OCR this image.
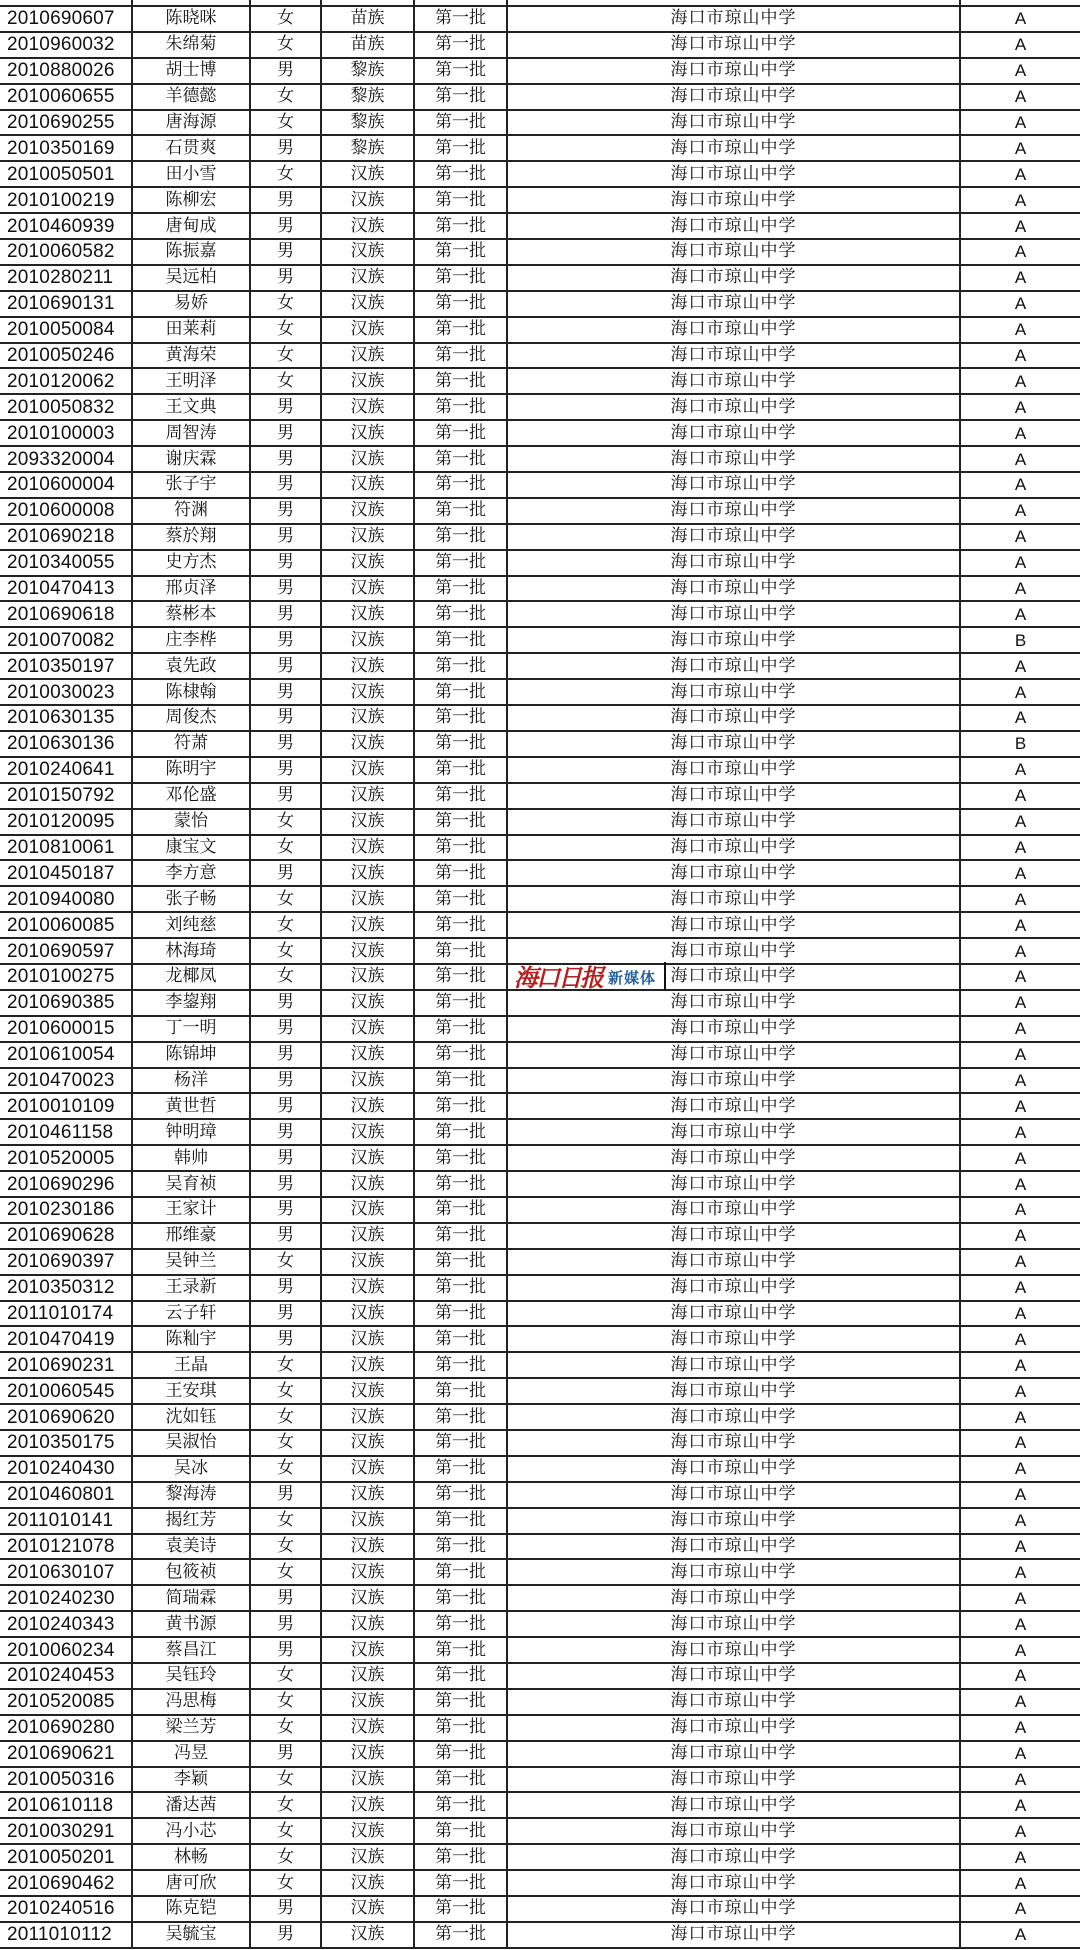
2010690607	陈晓咪	女	苗族	第一批	海口市琼山中学	A
2010960032	朱绵菊	女	苗族	第一批	海口市琼山中学	A
2010880026	胡士博	男	黎族	第一批	海口市琼山中学	A
2010060655	羊德懿	女	黎族	第一批	海口市琼山中学	A
2010690255	唐海源	女	黎族	第一批	海口市琼山中学	A
2010350169	石贯爽	男	黎族	第一批	海口市琼山中学	A
2010050501	田小雪	女	汉族	第一批	海口市琼山中学	A
2010100219	陈柳宏	男	汉族	第一批	海口市琼山中学	A
2010460939	唐甸成	男	汉族	第一批	海口市琼山中学	A
2010060582	陈振嘉	男	汉族	第一批	海口市琼山中学	A
2010280211	吴远柏	男	汉族	第一批	海口市琼山中学	A
2010690131	易娇	女	汉族	第一批	海口市琼山中学	A
2010050084	田莱莉	女	汉族	第一批	海口市琼山中学	A
2010050246	黄海荣	女	汉族	第一批	海口市琼山中学	A
2010120062	王明泽	女	汉族	第一批	海口市琼山中学	A
2010050832	王文典	男	汉族	第一批	海口市琼山中学	A
2010100003	周智涛	男	汉族	第一批	海口市琼山中学	A
2093320004	谢庆霖	男	汉族	第一批	海口市琼山中学	A
2010600004	张子宇	男	汉族	第一批	海口市琼山中学	A
2010600008	符渊	男	汉族	第一批	海口市琼山中学	A
2010690218	蔡於翔	男	汉族	第一批	海口市琼山中学	A
2010340055	史方杰	男	汉族	第一批	海口市琼山中学	A
2010470413	邢贞泽	男	汉族	第一批	海口市琼山中学	A
2010690618	蔡彬本	男	汉族	第一批	海口市琼山中学	A
2010070082	庄李桦	男	汉族	第一批	海口市琼山中学	B
2010350197	袁先政	男	汉族	第一批	海口市琼山中学	A
2010030023	陈棣翰	男	汉族	第一批	海口市琼山中学	A
2010630135	周俊杰	男	汉族	第一批	海口市琼山中学	A
2010630136	符萧	男	汉族	第一批	海口市琼山中学	B
2010240641	陈明宇	男	汉族	第一批	海口市琼山中学	A
2010150792	邓伦盛	男	汉族	第一批	海口市琼山中学	A
2010120095	蒙怡	女	汉族	第一批	海口市琼山中学	A
2010810061	康宝文	女	汉族	第一批	海口市琼山中学	A
2010450187	李方意	男	汉族	第一批	海口市琼山中学	A
2010940080	张子畅	女	汉族	第一批	海口市琼山中学	A
2010060085	刘纯慈	女	汉族	第一批	海口市琼山中学	A
2010690597	林海琦	女	汉族	第一批	海口市琼山中学	A
2010100275	龙椰凤	女	汉族	第一批	海口市琼山中学	A
2010690385	李鋆翔	男	汉族	第一批	海口市琼山中学	A
2010600015	丁一明	男	汉族	第一批	海口市琼山中学	A
2010610054	陈锦坤	男	汉族	第一批	海口市琼山中学	A
2010470023	杨洋	男	汉族	第一批	海口市琼山中学	A
2010010109	黄世哲	男	汉族	第一批	海口市琼山中学	A
2010461158	钟明璋	男	汉族	第一批	海口市琼山中学	A
2010520005	韩帅	男	汉族	第一批	海口市琼山中学	A
2010690296	吴育祯	男	汉族	第一批	海口市琼山中学	A
2010230186	王家计	男	汉族	第一批	海口市琼山中学	A
2010690628	邢维豪	男	汉族	第一批	海口市琼山中学	A
2010690397	吴钟兰	女	汉族	第一批	海口市琼山中学	A
2010350312	王录新	男	汉族	第一批	海口市琼山中学	A
2011010174	云子轩	男	汉族	第一批	海口市琼山中学	A
2010470419	陈籼宇	男	汉族	第一批	海口市琼山中学	A
2010690231	王晶	女	汉族	第一批	海口市琼山中学	A
2010060545	王安琪	女	汉族	第一批	海口市琼山中学	A
2010690620	沈如钰	女	汉族	第一批	海口市琼山中学	A
2010350175	吴淑怡	女	汉族	第一批	海口市琼山中学	A
2010240430	吴冰	女	汉族	第一批	海口市琼山中学	A
2010460801	黎海涛	男	汉族	第一批	海口市琼山中学	A
2011010141	揭红芳	女	汉族	第一批	海口市琼山中学	A
2010121078	袁美诗	女	汉族	第一批	海口市琼山中学	A
2010630107	包筱祯	女	汉族	第一批	海口市琼山中学	A
2010240230	简瑞霖	男	汉族	第一批	海口市琼山中学	A
2010240343	黄书源	男	汉族	第一批	海口市琼山中学	A
2010060234	蔡昌江	男	汉族	第一批	海口市琼山中学	A
2010240453	吴钰玲	女	汉族	第一批	海口市琼山中学	A
2010520085	冯思梅	女	汉族	第一批	海口市琼山中学	A
2010690280	梁兰芳	女	汉族	第一批	海口市琼山中学	A
2010690621	冯昱	男	汉族	第一批	海口市琼山中学	A
2010050316	李颖	女	汉族	第一批	海口市琼山中学	A
2010610118	潘达茜	女	汉族	第一批	海口市琼山中学	A
2010030291	冯小芯	女	汉族	第一批	海口市琼山中学	A
2010050201	林畅	女	汉族	第一批	海口市琼山中学	A
2010690462	唐可欣	女	汉族	第一批	海口市琼山中学	A
2010240516	陈克铠	男	汉族	第一批	海口市琼山中学	A
2011010112	吴毓宝	男	汉族	第一批	海口市琼山中学	A
海口日报 新媒体
